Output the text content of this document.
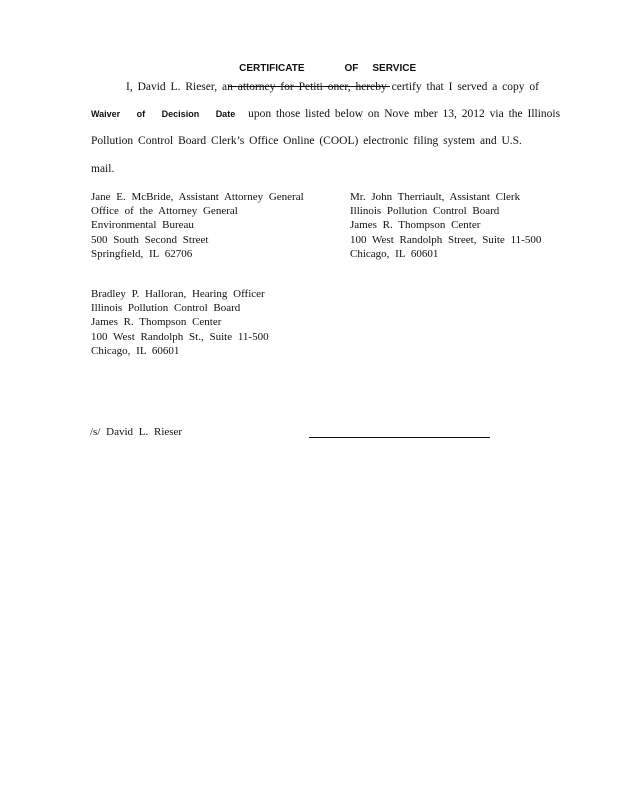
CERTIFICATE	OF SERVICE

I, David L. Rieser, an attorney for Petiti oner, hereby certify that I served a copy of
Waiver of Decision Date upon those listed below on Nove mber 13, 2012 via the Illinois
Pollution Control Board Clerk’s Office Online (COOL) electronic filing system and U.S.
mail.
Jane E. McBride, Assistant Attorney General
Office of the Attorney General
Environmental Bureau
500 South Second Street
Springfield, IL 62706
Mr. John Therriault, Assistant Clerk
Illinois Pollution Control Board
James R. Thompson Center
100 West Randolph Street, Suite 11-500
Chicago, IL 60601
Bradley P. Halloran, Hearing Officer
Illinois Pollution Control Board
James R. Thompson Center
100 West Randolph St., Suite 11-500
Chicago, IL 60601
/s/ David L. Rieser
